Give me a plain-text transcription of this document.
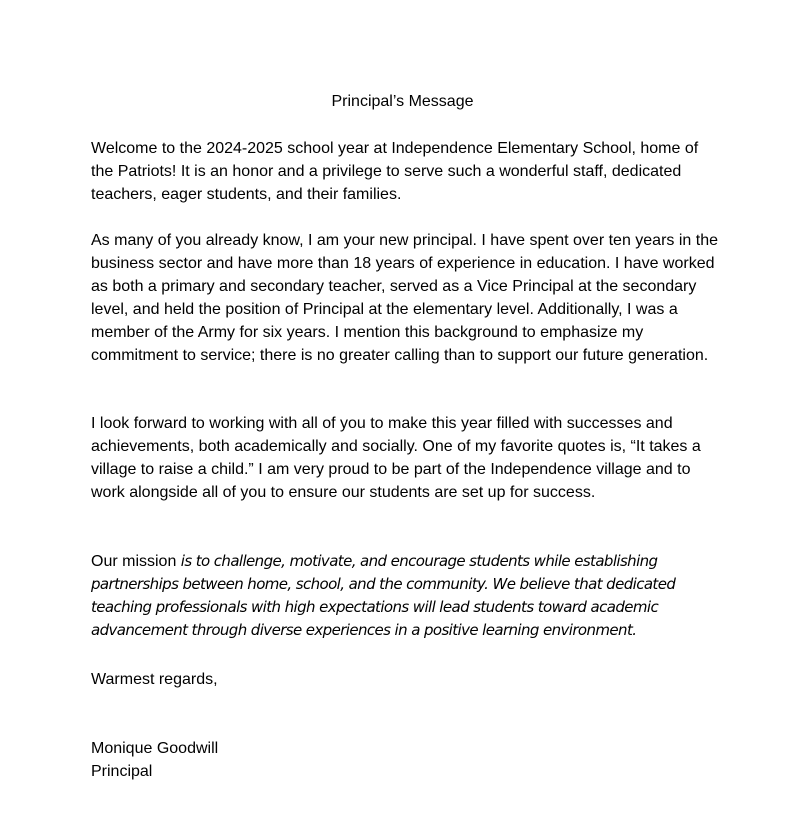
Principal’s Message

Welcome to the 2024-2025 school year at Independence Elementary School, home of the Patriots! It is an honor and a privilege to serve such a wonderful staff, dedicated teachers, eager students, and their families.

As many of you already know, I am your new principal. I have spent over ten years in the business sector and have more than 18 years of experience in education. I have worked as both a primary and secondary teacher, served as a Vice Principal at the secondary level, and held the position of Principal at the elementary level. Additionally, I was a member of the Army for six years. I mention this background to emphasize my commitment to service; there is no greater calling than to support our future generation.

I look forward to working with all of you to make this year filled with successes and achievements, both academically and socially. One of my favorite quotes is, “It takes a village to raise a child.” I am very proud to be part of the Independence village and to work alongside all of you to ensure our students are set up for success.

Our mission is to challenge, motivate, and encourage students while establishing partnerships between home, school, and the community. We believe that dedicated teaching professionals with high expectations will lead students toward academic advancement through diverse experiences in a positive learning environment.

Warmest regards,
Monique Goodwill
Principal
